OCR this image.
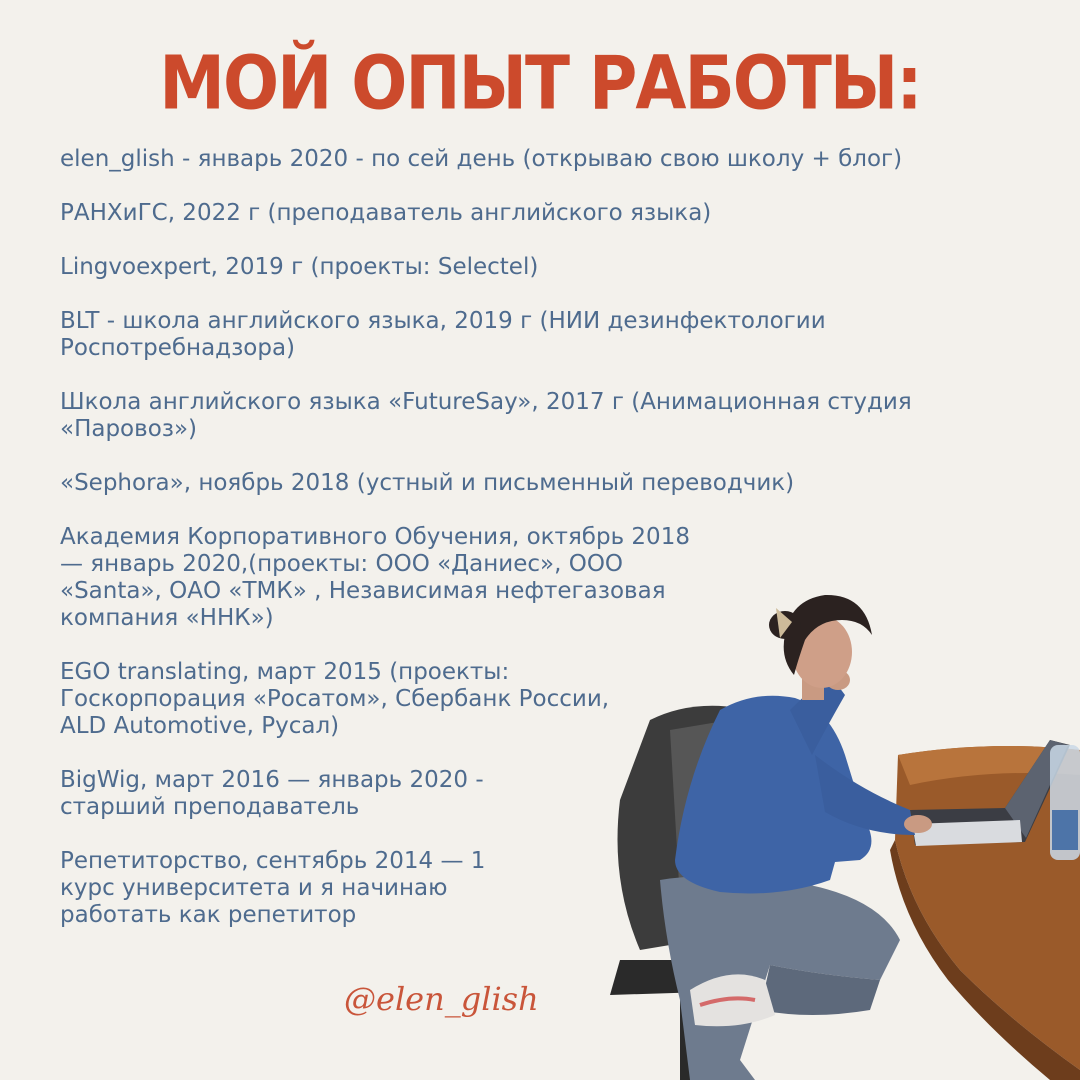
МОЙ ОПЫТ РАБОТЫ:
elen_glish - январь 2020 - по сей день (открываю свою школу + блог)
РАНХиГС, 2022 г (преподаватель английского языка)
Lingvoexpert, 2019 г (проекты: Selectel)
BLT - школа английского языка, 2019 г (НИИ дезинфектологии Роспотребнадзора)
Школа английского языка «FutureSay», 2017 г (Анимационная студия «Паровоз»)
«Sephora», ноябрь 2018 (устный и письменный переводчик)
Академия Корпоративного Обучения, октябрь 2018 — январь 2020,(проекты: ООО «Даниес», ООО «Santa», ОАО «ТМК» , Независимая нефтегазовая компания «ННК»)
EGO translating, март 2015 (проекты: Госкорпорация «Росатом», Сбербанк России, ALD Automotive, Русал)
BigWig, март 2016 — январь 2020 - старший преподаватель
Репетиторство, сентябрь 2014 — 1 курс университета и я начинаю работать как репетитор

@elen_glish
